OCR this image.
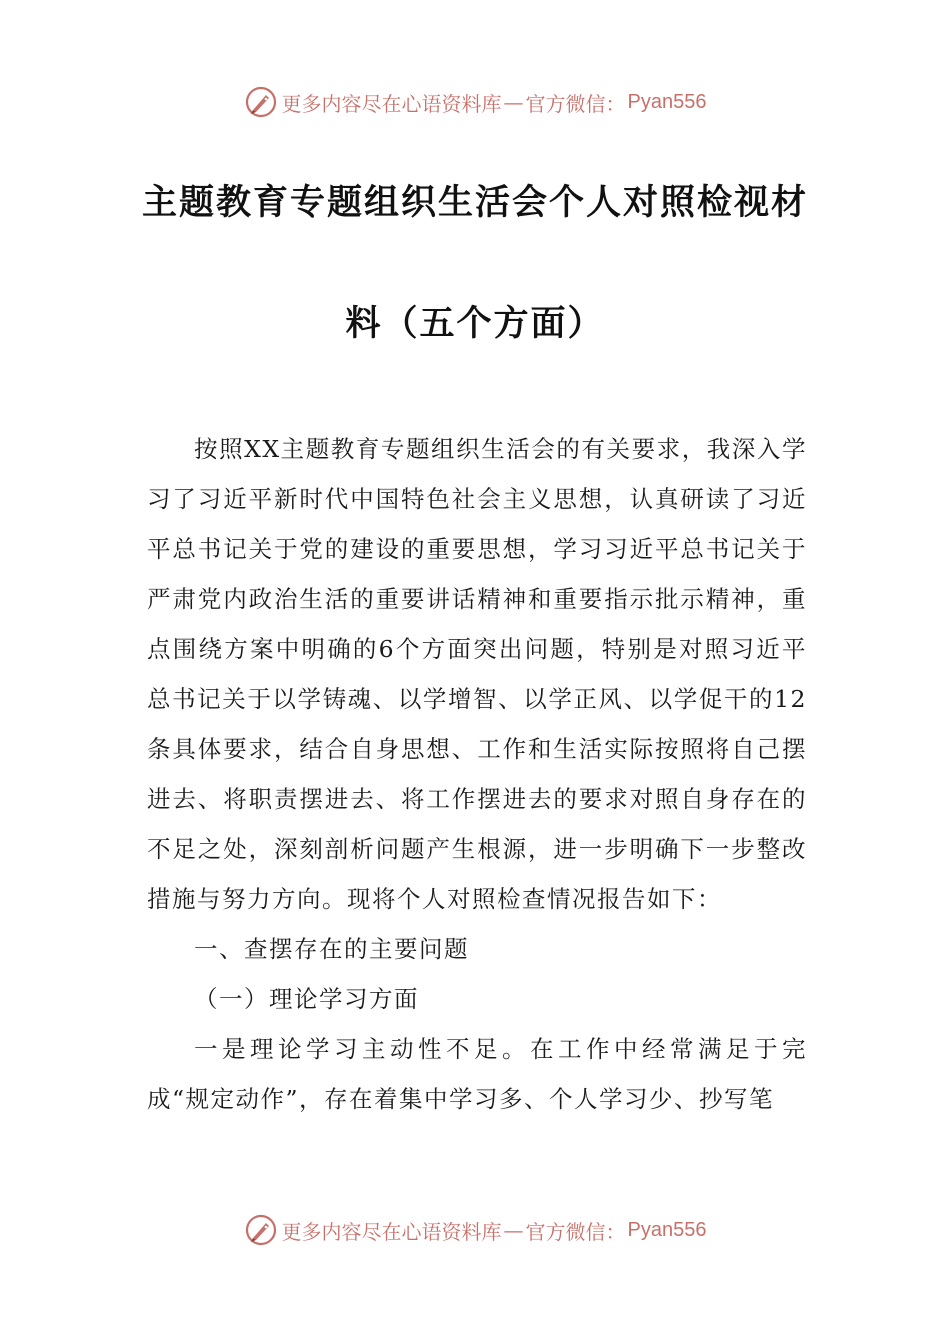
更多内容尽在心语资料库 — 官方微信： Pyan556
主题教育专题组织生活会个人对照检视材
料（五个方面）

按照XX主题教育专题组织生活会的有关要求，我深入学习了习近平新时代中国特色社会主义思想，认真研读了习近平总书记关于党的建设的重要思想，学习习近平总书记关于严肃党内政治生活的重要讲话精神和重要指示批示精神，重点围绕方案中明确的6个方面突出问题，特别是对照习近平总书记关于以学铸魂、以学增智、以学正风、以学促干的12条具体要求，结合自身思想、工作和生活实际按照将自己摆进去、将职责摆进去、将工作摆进去的要求对照自身存在的不足之处，深刻剖析问题产生根源，进一步明确下一步整改措施与努力方向。现将个人对照检查情况报告如下：

一、查摆存在的主要问题

（一）理论学习方面

一是理论学习主动性不足。在工作中经常满足于完成“规定动作”，存在着集中学习多、个人学习少、抄写笔

更多内容尽在心语资料库 — 官方微信： Pyan556
